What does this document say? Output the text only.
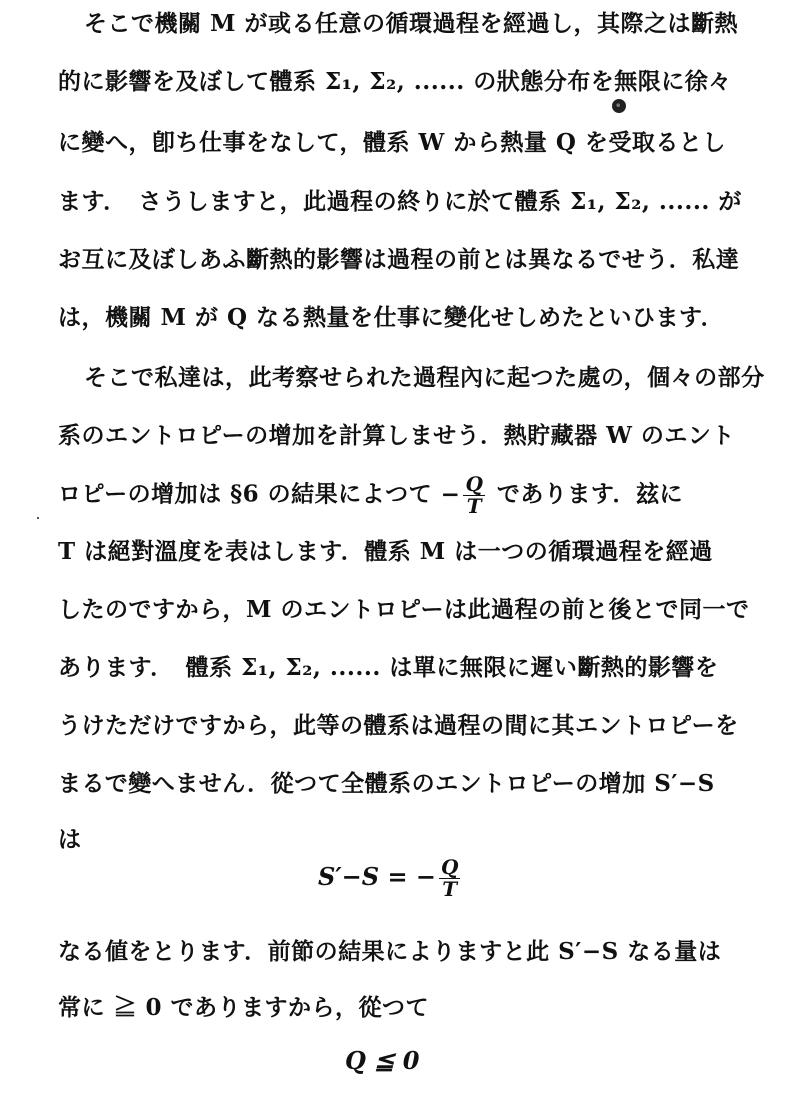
そこで機關 M が或る任意の循環過程を經過し，其際之は斷熱
的に影響を及ぼして體系 Σ₁, Σ₂, ...... の狀態分布を無限に徐々
に變へ，卽ち仕事をなして，體系 W から熱量 Q を受取るとし
ます．　さうしますと，此過程の終りに於て體系 Σ₁, Σ₂, ...... が
お互に及ぼしあふ斷熱的影響は過程の前とは異なるでせう．私達
は，機關 M が Q なる熱量を仕事に變化せしめたといひます．
そこで私達は，此考察せられた過程內に起つた處の，個々の部分
系のエントロピーの增加を計算しませう．熱貯藏器 W のエント
ロピーの增加は §6 の結果によつて − $\frac{Q}{T}$ であります．玆に
T は絕對溫度を表はします．體系 M は一つの循環過程を經過
したのですから，M のエントロピーは此過程の前と後とで同一で
あります．　體系 Σ₁, Σ₂, ...... は單に無限に遲い斷熱的影響を
うけただけですから，此等の體系は過程の間に其エントロピーを
まるで變へません．從つて全體系のエントロピーの增加 S′−S
は
S′−S = − $\frac{Q}{T}$
なる値をとります．前節の結果によりますと此 S′−S なる量は
常に ≧ 0 でありますから，從つて
Q ≦ 0
